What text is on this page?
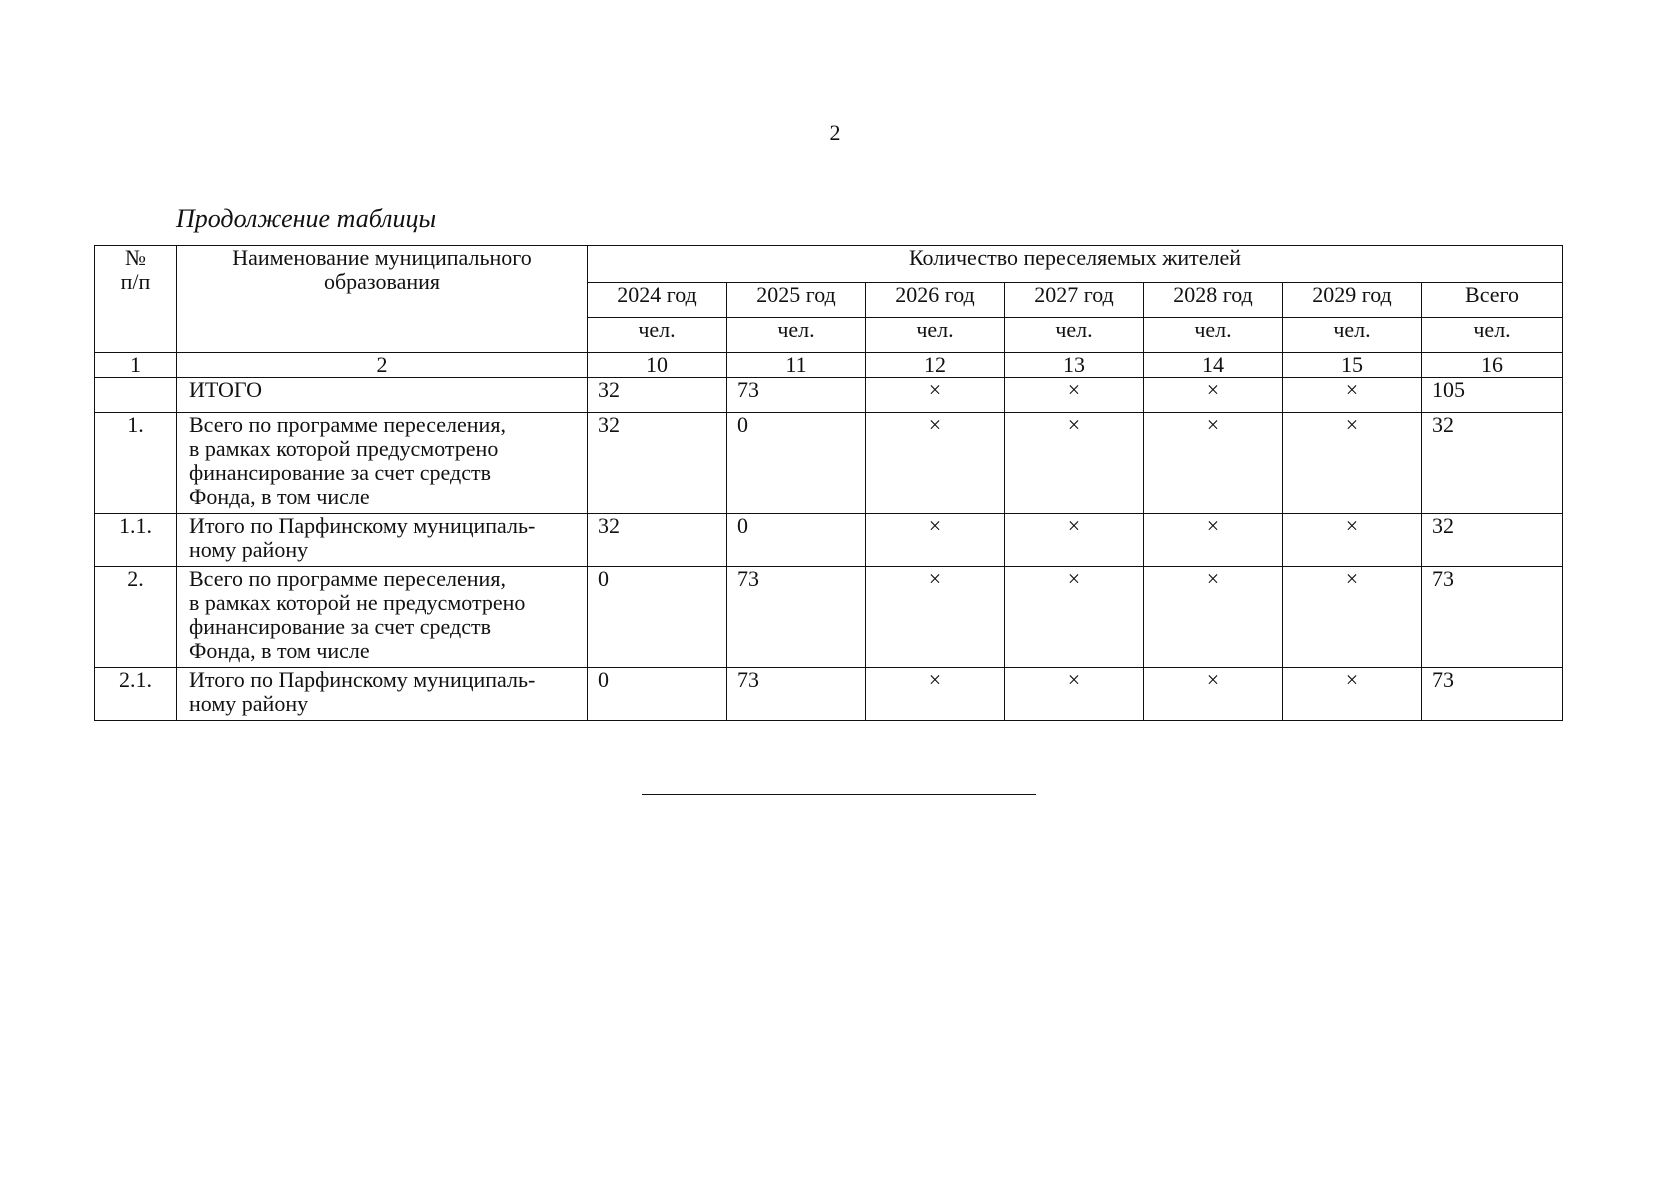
2
Продолжение таблицы
№ п/п	Наименование муниципального образования	Количество переселяемых жителей						
		2024 год	2025 год	2026 год	2027 год	2028 год	2029 год	Всего
		чел.	чел.	чел.	чел.	чел.	чел.	чел.
1	2	10	11	12	13	14	15	16
	ИТОГО	32	73	×	×	×	×	105
1.	Всего по программе переселения,
в рамках которой предусмотрено
финансирование за счет средств
Фонда, в том числе	32	0	×	×	×	×	32
1.1.	Итого по Парфинскому муниципаль-
ному району	32	0	×	×	×	×	32
2.	Всего по программе переселения,
в рамках которой не предусмотрено
финансирование за счет средств
Фонда, в том числе	0	73	×	×	×	×	73
2.1.	Итого по Парфинскому муниципаль-
ному району	0	73	×	×	×	×	73
